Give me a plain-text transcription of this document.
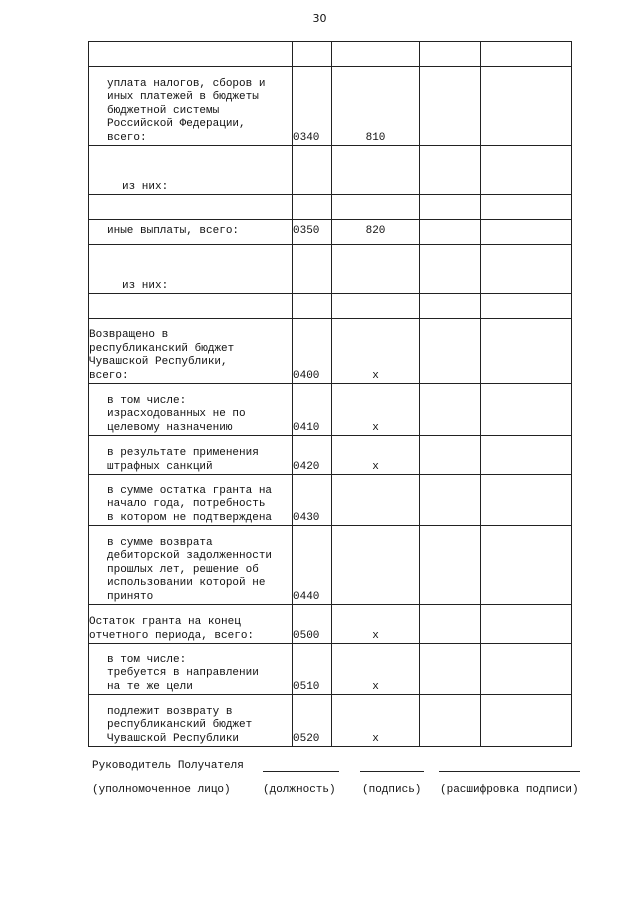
30

уплата налогов, сборов и
иных платежей в бюджеты
бюджетной системы
Российской Федерации,
всего:	0340	810		
из них:				

иные выплаты, всего:	0350	820		
из них:				

Возвращено в
республиканский бюджет
Чувашской Республики,
всего:	0400	x		
в том числе:
израсходованных не по
целевому назначению	0410	x		
в результате применения
штрафных санкций	0420	x		
в сумме остатка гранта на
начало года, потребность
в котором не подтверждена	0430			
в сумме возврата
дебиторской задолженности
прошлых лет, решение об
использовании которой не
принято	0440			
Остаток гранта на конец
отчетного периода, всего:	0500	x		
в том числе:
требуется в направлении
на те же цели	0510	x		
подлежит возврату в
республиканский бюджет
Чувашской Республики	0520	x		
Руководитель Получателя
(уполномоченное лицо)	(должность) (подпись) (расшифровка подписи)
